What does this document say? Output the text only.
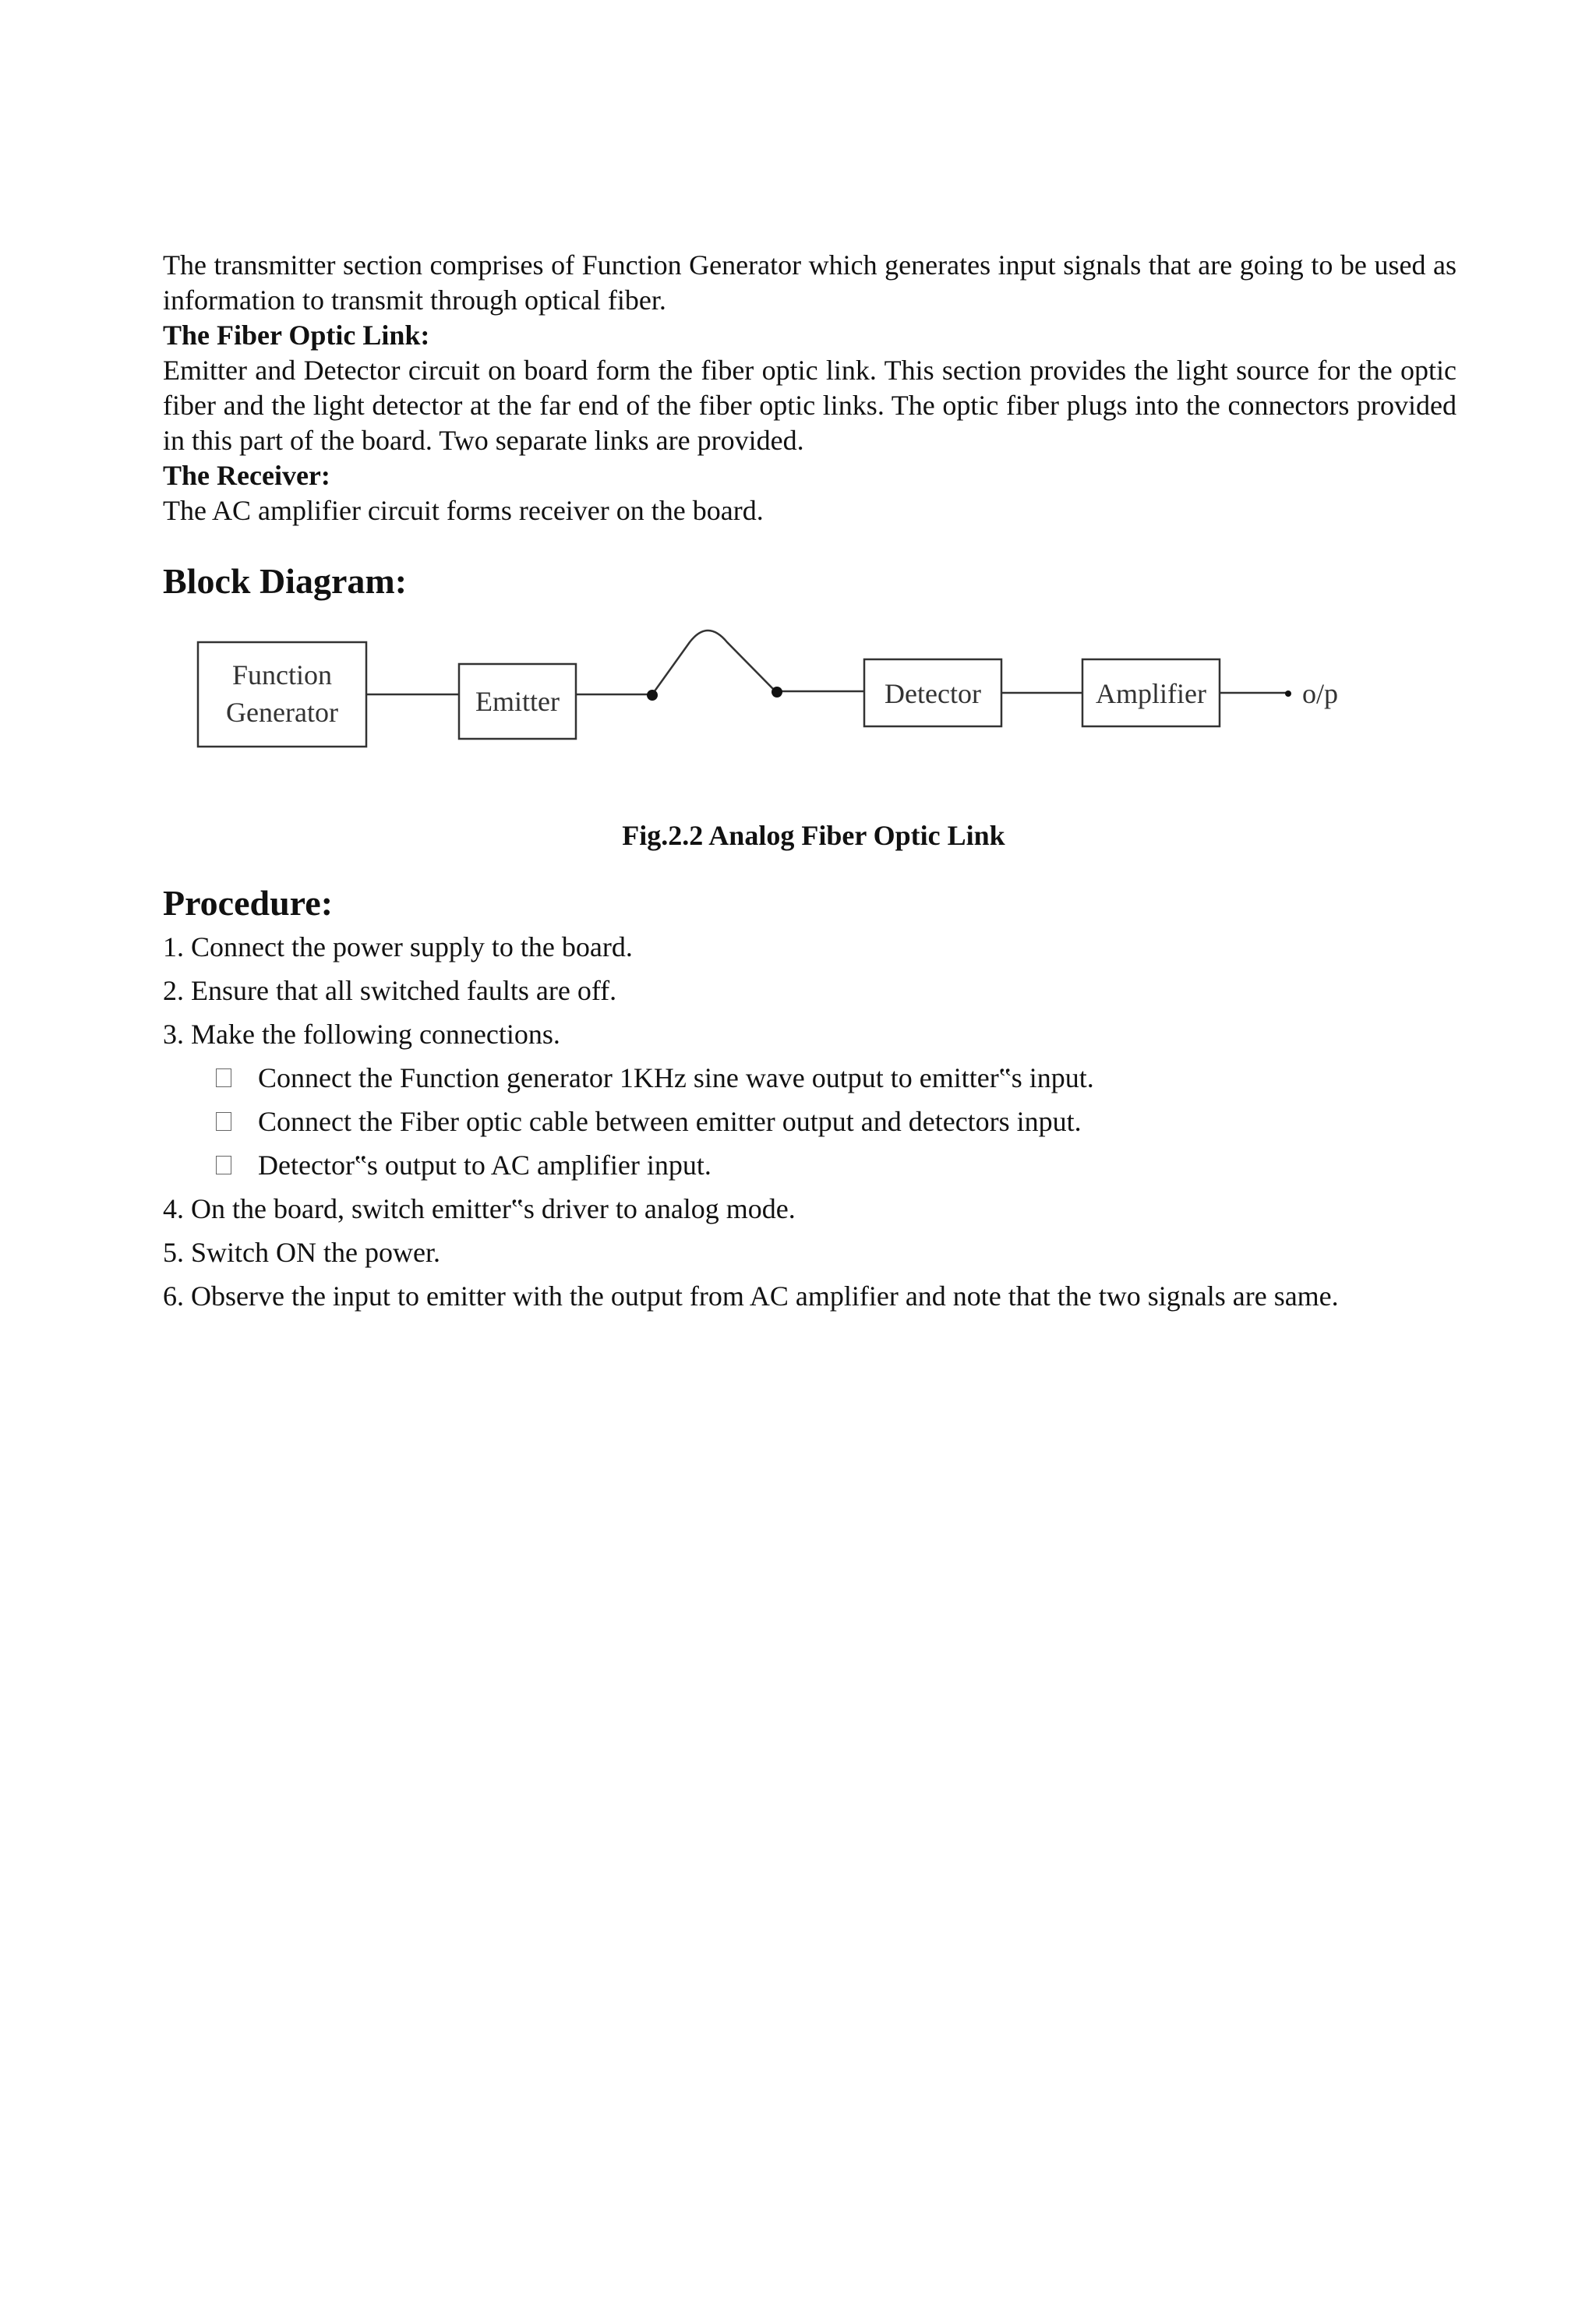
The transmitter section comprises of Function Generator which generates input signals that are going to be used as information to transmit through optical fiber.

The Fiber Optic Link:

Emitter and Detector circuit on board form the fiber optic link. This section provides the light source for the optic fiber and the light detector at the far end of the fiber optic links. The optic fiber plugs into the connectors provided in this part of the board. Two separate links are provided.

The Receiver:

The AC amplifier circuit forms receiver on the board.

Block Diagram:
Function
Generator	Emitter	Detector	Amplifier	o/p

Fig.2.2 Analog Fiber Optic Link

Procedure:
1. Connect the power supply to the board.
2. Ensure that all switched faults are off.
3. Make the following connections.
Connect the Function generator 1KHz sine wave output to emitter‟s input.
Connect the Fiber optic cable between emitter output and detectors input.
Detector‟s output to AC amplifier input.
4. On the board, switch emitter‟s driver to analog mode.
5. Switch ON the power.
6. Observe the input to emitter with the output from AC amplifier and note that the two signals are same.
